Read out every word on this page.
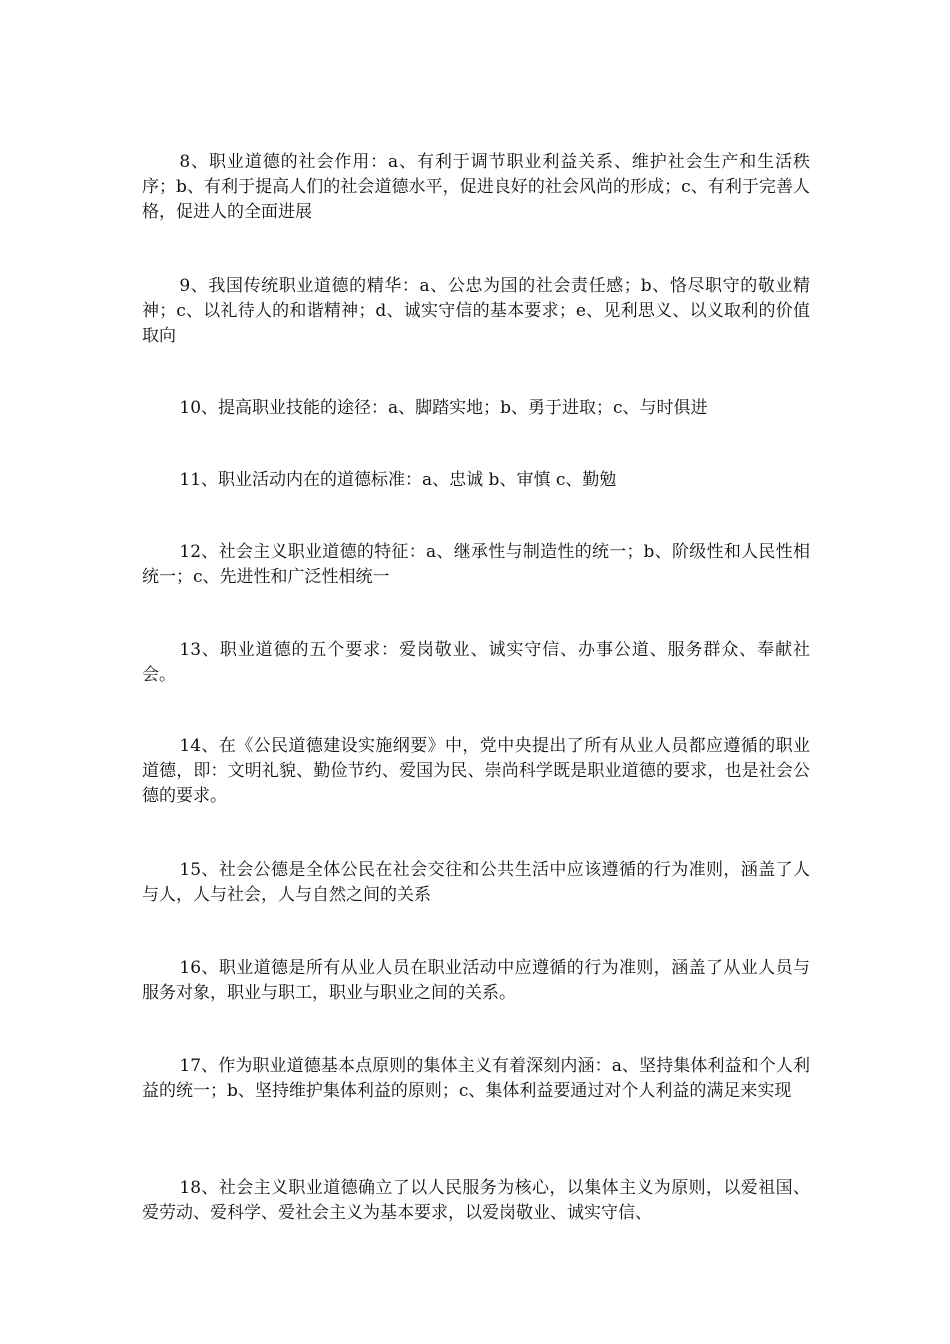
8、职业道德的社会作用：a、有利于调节职业利益关系、维护社会生产和生活秩序；b、有利于提高人们的社会道德水平，促进良好的社会风尚的形成；c、有利于完善人格，促进人的全面进展

9、我国传统职业道德的精华：a、公忠为国的社会责任感；b、恪尽职守的敬业精神；c、以礼待人的和谐精神；d、诚实守信的基本要求；e、见利思义、以义取利的价值取向

10、提高职业技能的途径：a、脚踏实地；b、勇于进取；c、与时俱进

11、职业活动内在的道德标准：a、忠诚 b、审慎 c、勤勉

12、社会主义职业道德的特征：a、继承性与制造性的统一；b、阶级性和人民性相统一；c、先进性和广泛性相统一

13、职业道德的五个要求：爱岗敬业、诚实守信、办事公道、服务群众、奉献社会。

14、在《公民道德建设实施纲要》中，党中央提出了所有从业人员都应遵循的职业道德，即：文明礼貌、勤俭节约、爱国为民、崇尚科学既是职业道德的要求，也是社会公德的要求。

15、社会公德是全体公民在社会交往和公共生活中应该遵循的行为准则，涵盖了人与人，人与社会，人与自然之间的关系

16、职业道德是所有从业人员在职业活动中应遵循的行为准则，涵盖了从业人员与服务对象，职业与职工，职业与职业之间的关系。

17、作为职业道德基本点原则的集体主义有着深刻内涵：a、坚持集体利益和个人利益的统一；b、坚持维护集体利益的原则；c、集体利益要通过对个人利益的满足来实现

18、社会主义职业道德确立了以人民服务为核心，以集体主义为原则，以爱祖国、爱劳动、爱科学、爱社会主义为基本要求，以爱岗敬业、诚实守信、
